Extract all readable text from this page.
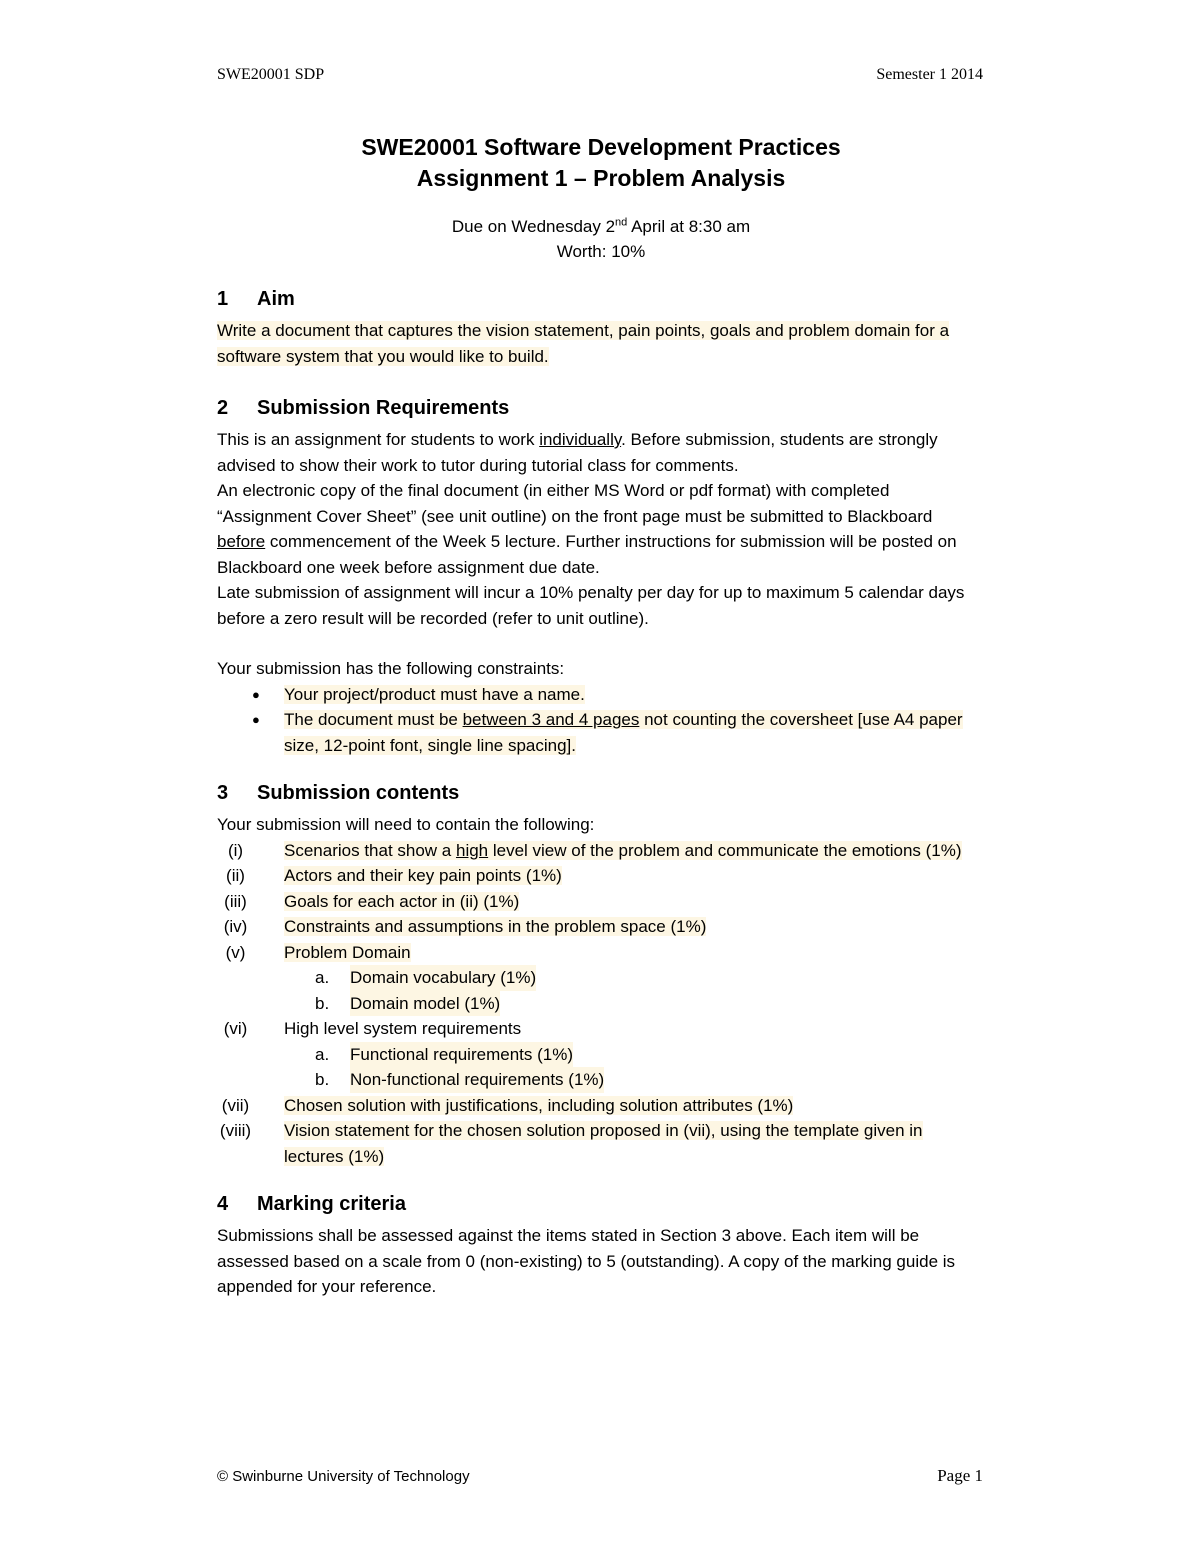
SWE20001 SDP	Semester 1 2014
SWE20001 Software Development Practices
Assignment 1 – Problem Analysis
Due on Wednesday 2nd April at 8:30 am
Worth: 10%
1 Aim

Write a document that captures the vision statement, pain points, goals and problem domain for a software system that you would like to build.

2 Submission Requirements

This is an assignment for students to work individually. Before submission, students are strongly advised to show their work to tutor during tutorial class for comments.

An electronic copy of the final document (in either MS Word or pdf format) with completed “Assignment Cover Sheet” (see unit outline) on the front page must be submitted to Blackboard before commencement of the Week 5 lecture. Further instructions for submission will be posted on Blackboard one week before assignment due date.

Late submission of assignment will incur a 10% penalty per day for up to maximum 5 calendar days before a zero result will be recorded (refer to unit outline).

Your submission has the following constraints:

● Your project/product must have a name.
● The document must be between 3 and 4 pages not counting the coversheet [use A4 paper size, 12-point font, single line spacing].
3 Submission contents

Your submission will need to contain the following:

(i)	Scenarios that show a high level view of the problem and communicate the emotions (1%)
(ii)	Actors and their key pain points (1%)
(iii)	Goals for each actor in (ii) (1%)
(iv)	Constraints and assumptions in the problem space (1%)
(v)	Problem Domain
a.	Domain vocabulary (1%)
b.	Domain model (1%)
(vi)	High level system requirements
a.	Functional requirements (1%)
b.	Non-functional requirements (1%)
(vii)	Chosen solution with justifications, including solution attributes (1%)
(viii)	Vision statement for the chosen solution proposed in (vii), using the template given in lectures (1%)
4 Marking criteria

Submissions shall be assessed against the items stated in Section 3 above. Each item will be assessed based on a scale from 0 (non-existing) to 5 (outstanding). A copy of the marking guide is appended for your reference.

© Swinburne University of Technology	Page 1
